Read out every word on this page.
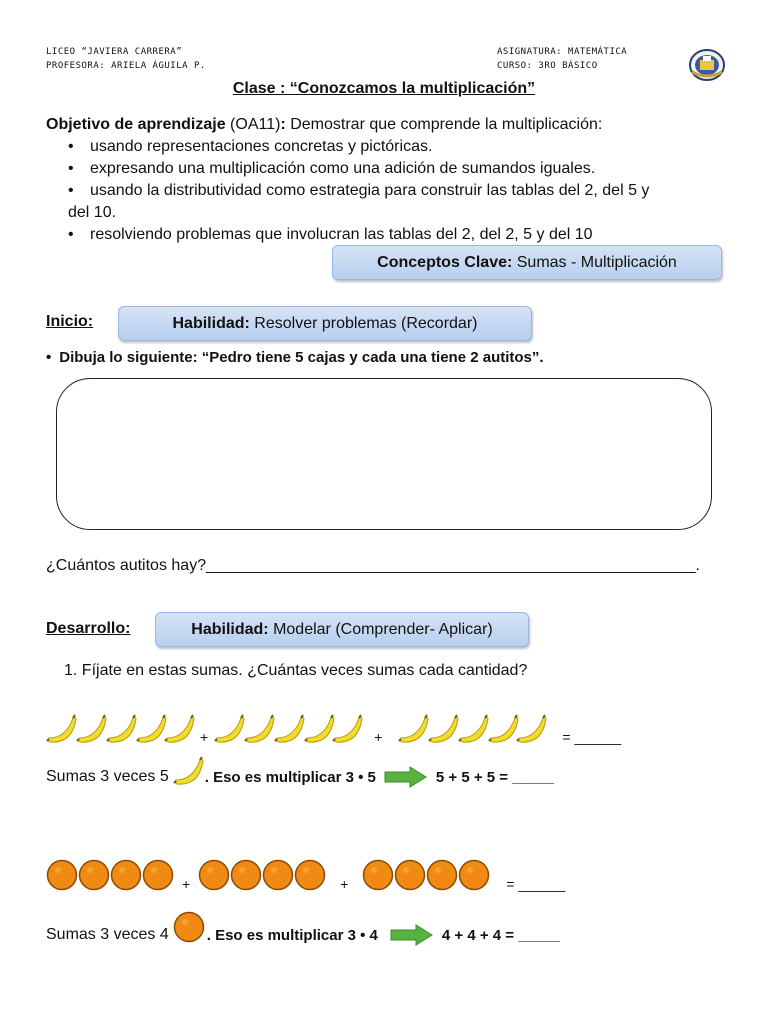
LICEO “JAVIERA CARRERA”
PROFESORA: ARIELA ÁGUILA P.
ASIGNATURA: MATEMÁTICA
CURSO: 3RO BÁSICO
Clase : “Conozcamos la multiplicación”
Objetivo de aprendizaje (OA11): Demostrar que comprende la multiplicación:
• usando representaciones concretas y pictóricas.
• expresando una multiplicación como una adición de sumandos iguales.
• usando la distributividad como estrategia para construir las tablas del 2, del 5 y
del 10.
• resolviendo problemas que involucran las tablas del 2, del 2, 5 y del 10
Conceptos Clave: Sumas - Multiplicación
Inicio:	Habilidad: Resolver problemas (Recordar)
• Dibuja lo siguiente: “Pedro tiene 5 cajas y cada una tiene 2 autitos”.
¿Cuántos autitos hay?_______________________________________________________.
Desarrollo:	Habilidad: Modelar (Comprender- Aplicar)
1. Fíjate en estas sumas. ¿Cuántas veces sumas cada cantidad?
+	+	= ______
Sumas 3 veces 5 . Eso es multiplicar 3 • 5	5 + 5 + 5 = _____
+	+	= ______
Sumas 3 veces 4	. Eso es multiplicar 3 • 4	4 + 4 + 4 = _____
